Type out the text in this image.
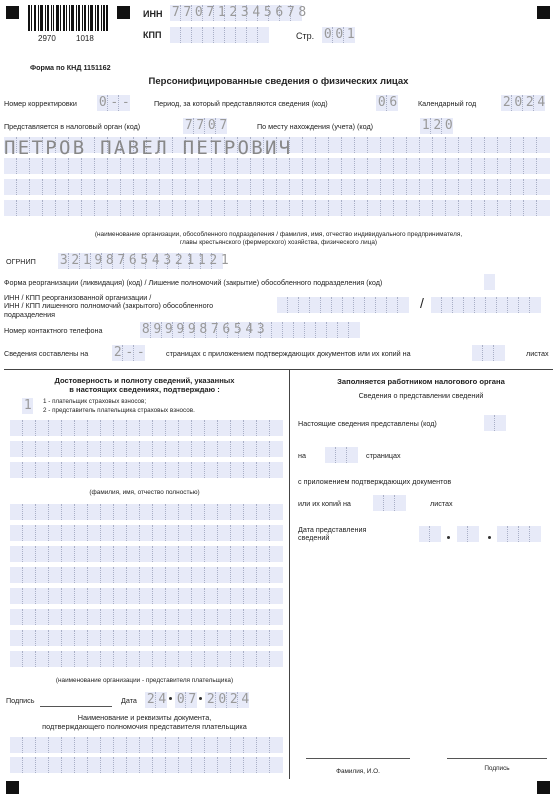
2970	1018
ИНН 7 7 0 7 1 2 3 4 5 6 7 8
КПП	Стр. 0 0 1
Форма по КНД 1151162
Персонифицированные сведения о физических лицах
Номер корректировки 0 - -	Период, за который представляются сведения (код)	0 6	Календарный год 2 0 2 4
Представляется в налоговый орган (код)	7 7 0 7	По месту нахождения (учета) (код)	1 2 0
ПЕТРОВ ПАВЕЛ ПЕТРОВИЧ
(наименование организации, обособленного подразделения / фамилия, имя, отчество индивидуального предпринимателя,
главы крестьянского (фермерского) хозяйства, физического лица)
ОГРНИП 3 2 1 9 8 7 6 5 4 3 2 1 1 2 1
Форма реорганизации (ликвидация) (код) / Лишение полномочий (закрытие) обособленного подразделения (код)
ИНН / КПП реорганизованной организации /
ИНН / КПП лишенного полномочий (закрытого) обособленного
подразделения
/
Номер контактного телефона	8 9 9 9 9 8 7 6 5 4 3
Сведения составлены на 2 - -	страницах с приложением подтверждающих документов или их копий на	листах
Достоверность и полноту сведений, указанных
в настоящих сведениях, подтверждаю :
1 1 - плательщик страховых взносов;
2 - представитель плательщика страховых взносов.
(фамилия, имя, отчество полностью)
(наименование организации - представителя плательщика)
Подпись	Дата 2 4 0 7 2 0 2 4
Наименование и реквизиты документа,
подтверждающего полномочия представителя плательщика
Заполняется работником налогового органа
Сведения о представлении сведений
Настоящие сведения представлены (код)
на	страницах
с приложением подтверждающих документов
или их копий на	листах
Дата представления
сведений
Фамилия, И.О.	Подпись
